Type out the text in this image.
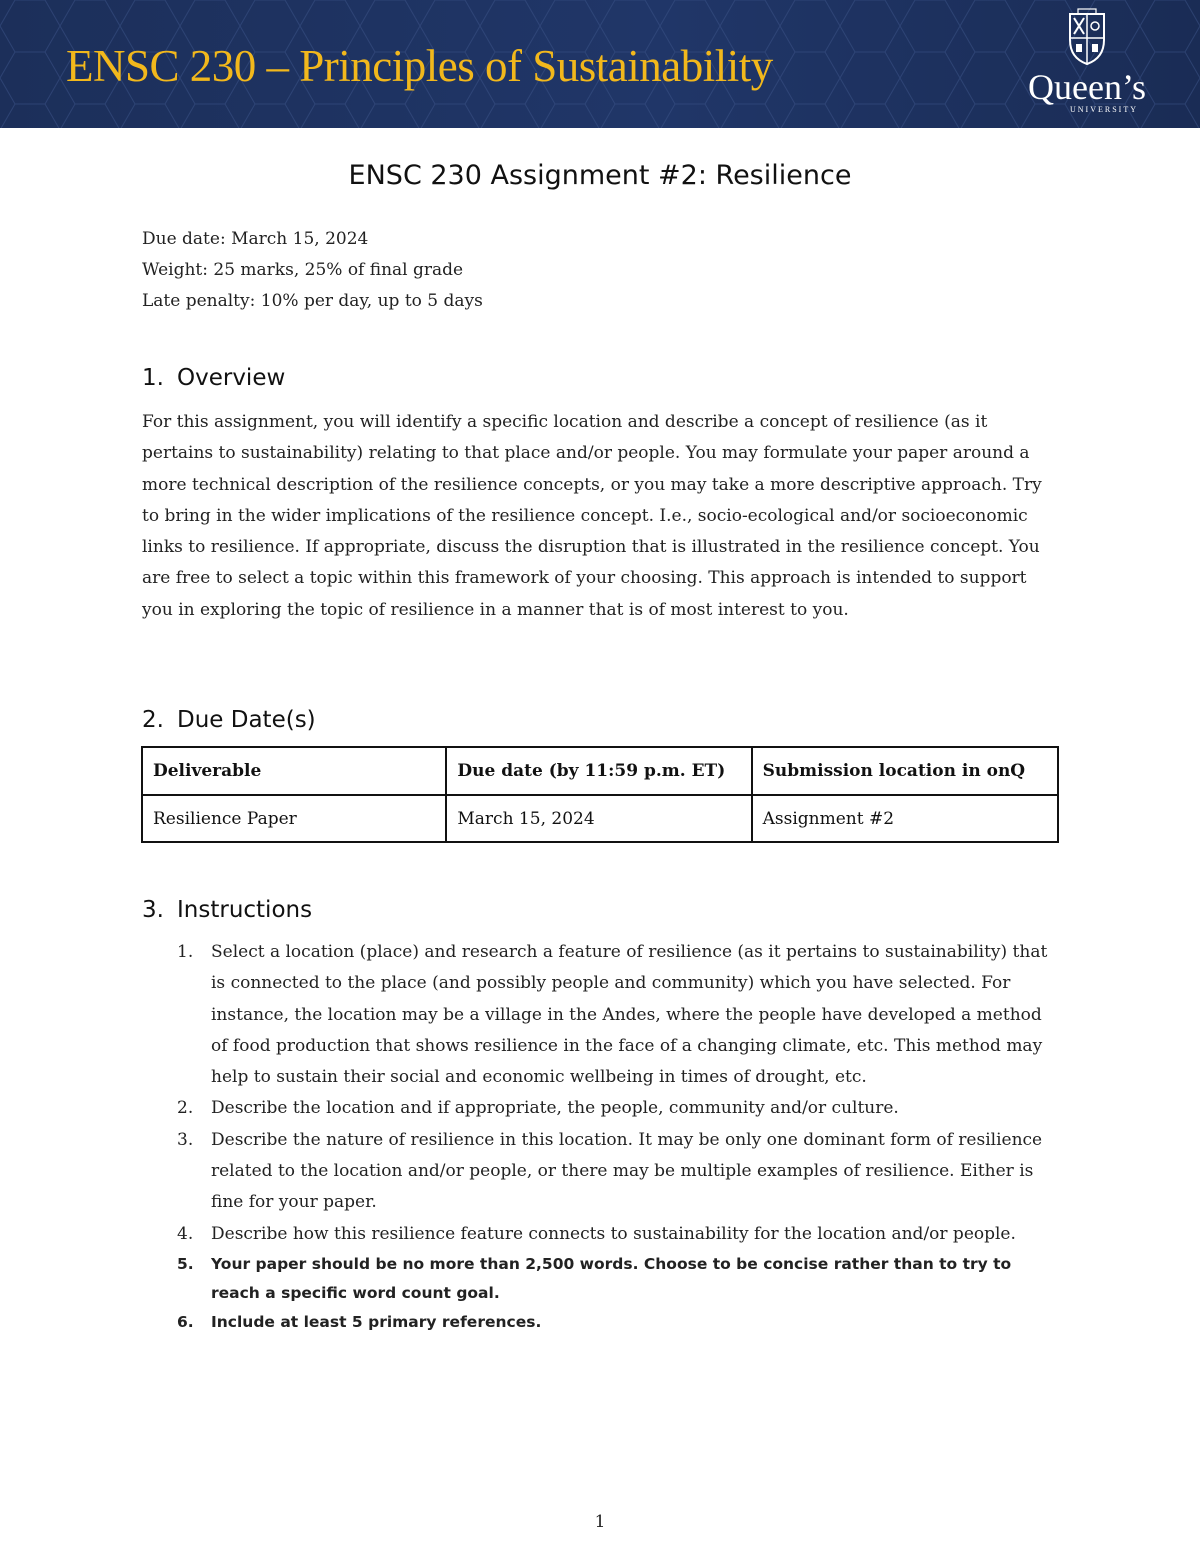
ENSC 230 – Principles of Sustainability	Queen’s
UNIVERSITY
ENSC 230 Assignment #2: Resilience
Due date: March 15, 2024
Weight: 25 marks, 25% of final grade
Late penalty: 10% per day, up to 5 days
1. Overview
For this assignment, you will identify a specific location and describe a concept of resilience (as it pertains to sustainability) relating to that place and/or people. You may formulate your paper around a more technical description of the resilience concepts, or you may take a more descriptive approach. Try to bring in the wider implications of the resilience concept. I.e., socio-ecological and/or socioeconomic links to resilience. If appropriate, discuss the disruption that is illustrated in the resilience concept. You are free to select a topic within this framework of your choosing. This approach is intended to support you in exploring the topic of resilience in a manner that is of most interest to you.
2. Due Date(s)
Deliverable	Due date (by 11:59 p.m. ET)	Submission location in onQ
Resilience Paper	March 15, 2024	Assignment #2
3. Instructions
1. Select a location (place) and research a feature of resilience (as it pertains to sustainability) that is connected to the place (and possibly people and community) which you have selected. For instance, the location may be a village in the Andes, where the people have developed a method of food production that shows resilience in the face of a changing climate, etc. This method may help to sustain their social and economic wellbeing in times of drought, etc.
2. Describe the location and if appropriate, the people, community and/or culture.
3. Describe the nature of resilience in this location. It may be only one dominant form of resilience related to the location and/or people, or there may be multiple examples of resilience. Either is fine for your paper.
4. Describe how this resilience feature connects to sustainability for the location and/or people.
5. Your paper should be no more than 2,500 words. Choose to be concise rather than to try to reach a specific word count goal.
6. Include at least 5 primary references.
1
